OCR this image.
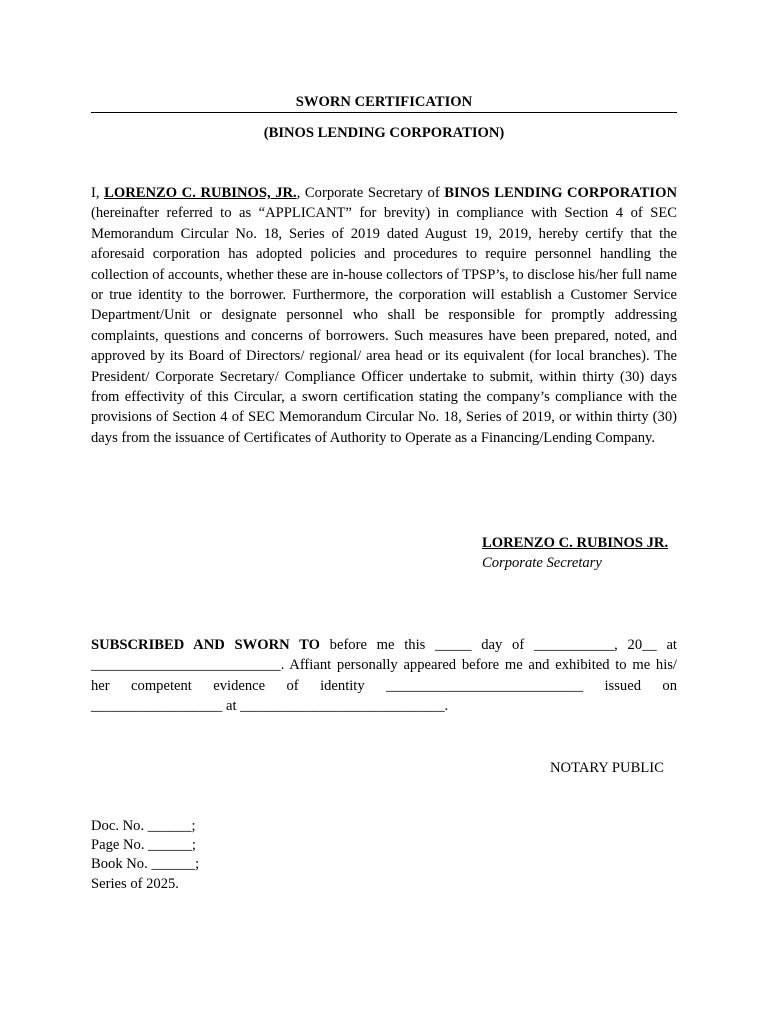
SWORN CERTIFICATION
(BINOS LENDING CORPORATION)
I, LORENZO C. RUBINOS, JR., Corporate Secretary of BINOS LENDING CORPORATION (hereinafter referred to as “APPLICANT” for brevity) in compliance with Section 4 of SEC Memorandum Circular No. 18, Series of 2019 dated August 19, 2019, hereby certify that the aforesaid corporation has adopted policies and procedures to require personnel handling the collection of accounts, whether these are in-house collectors of TPSP’s, to disclose his/her full name or true identity to the borrower. Furthermore, the corporation will establish a Customer Service Department/Unit or designate personnel who shall be responsible for promptly addressing complaints, questions and concerns of borrowers. Such measures have been prepared, noted, and approved by its Board of Directors/ regional/ area head or its equivalent (for local branches). The President/ Corporate Secretary/ Compliance Officer undertake to submit, within thirty (30) days from effectivity of this Circular, a sworn certification stating the company’s compliance with the provisions of Section 4 of SEC Memorandum Circular No. 18, Series of 2019, or within thirty (30) days from the issuance of Certificates of Authority to Operate as a Financing/Lending Company.
LORENZO C. RUBINOS JR.
Corporate Secretary
SUBSCRIBED AND SWORN TO before me this _____ day of ___________, 20__ at __________________________. Affiant personally appeared before me and exhibited to me his/ her competent evidence of identity ___________________________ issued on __________________ at ____________________________.
NOTARY PUBLIC
Doc. No. ______;
Page No. ______;
Book No. ______;
Series of 2025.
